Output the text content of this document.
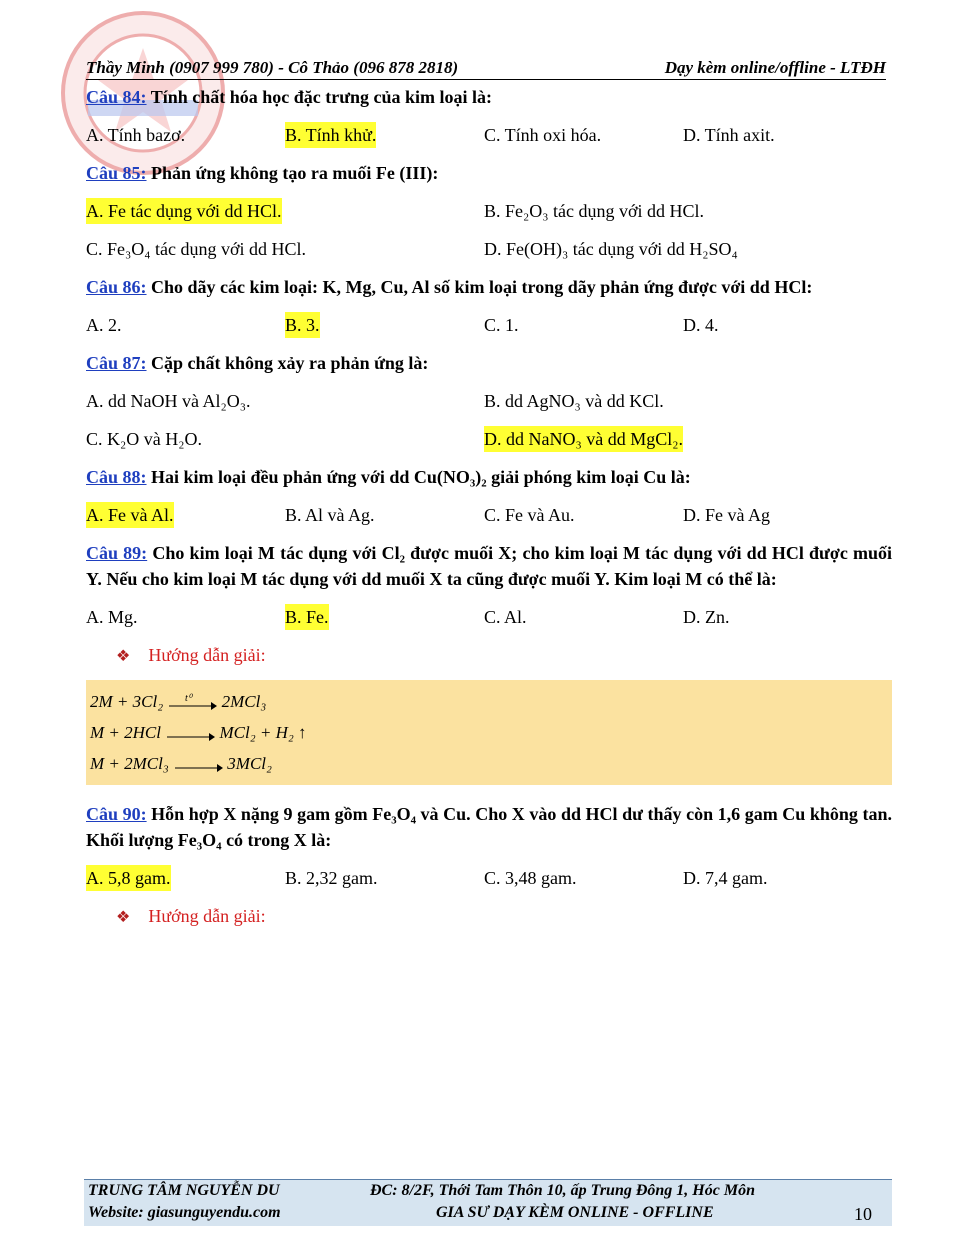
Thầy Minh (0907 999 780) - Cô Thảo (096 878 2818)	Dạy kèm online/offline - LTĐH

Câu 84: Tính chất hóa học đặc trưng của kim loại là:

A. Tính bazơ.	B. Tính khử.	C. Tính oxi hóa.	D. Tính axit.

Câu 85: Phản ứng không tạo ra muối Fe (III):

A. Fe tác dụng với dd HCl.	B. Fe₂O₃ tác dụng với dd HCl.
C. Fe₃O₄ tác dụng với dd HCl.	D. Fe(OH)₃ tác dụng với dd H₂SO₄

Câu 86: Cho dãy các kim loại: K, Mg, Cu, Al số kim loại trong dãy phản ứng được với dd HCl:

A. 2.	B. 3.	C. 1.	D. 4.

Câu 87: Cặp chất không xảy ra phản ứng là:

A. dd NaOH và Al₂O₃.	B. dd AgNO₃ và dd KCl.
C. K₂O và H₂O.	D. dd NaNO₃ và dd MgCl₂.

Câu 88: Hai kim loại đều phản ứng với dd Cu(NO₃)₂ giải phóng kim loại Cu là:

A. Fe và Al.	B. Al và Ag.	C. Fe và Au.	D. Fe và Ag

Câu 89: Cho kim loại M tác dụng với Cl₂ được muối X; cho kim loại M tác dụng với dd HCl được muối Y. Nếu cho kim loại M tác dụng với dd muối X ta cũng được muối Y. Kim loại M có thể là:

A. Mg.	B. Fe.	C. Al.	D. Zn.
❖ Hướng dẫn giải:
2M + 3Cl₂ t⁰ 2MCl₃
M + 2HCl → MCl₂ + H₂ ↑
M + 2MCl₃ → 3MCl₂

Câu 90: Hỗn hợp X nặng 9 gam gồm Fe₃O₄ và Cu. Cho X vào dd HCl dư thấy còn 1,6 gam Cu không tan. Khối lượng Fe₃O₄ có trong X là:

A. 5,8 gam.	B. 2,32 gam.	C. 3,48 gam.	D. 7,4 gam.
❖ Hướng dẫn giải:
TRUNG TÂM NGUYỄN DU	ĐC: 8/2F, Thới Tam Thôn 10, ấp Trung Đông 1, Hóc Môn
Website: giasunguyendu.com	GIA SƯ DẠY KÈM ONLINE - OFFLINE	10
